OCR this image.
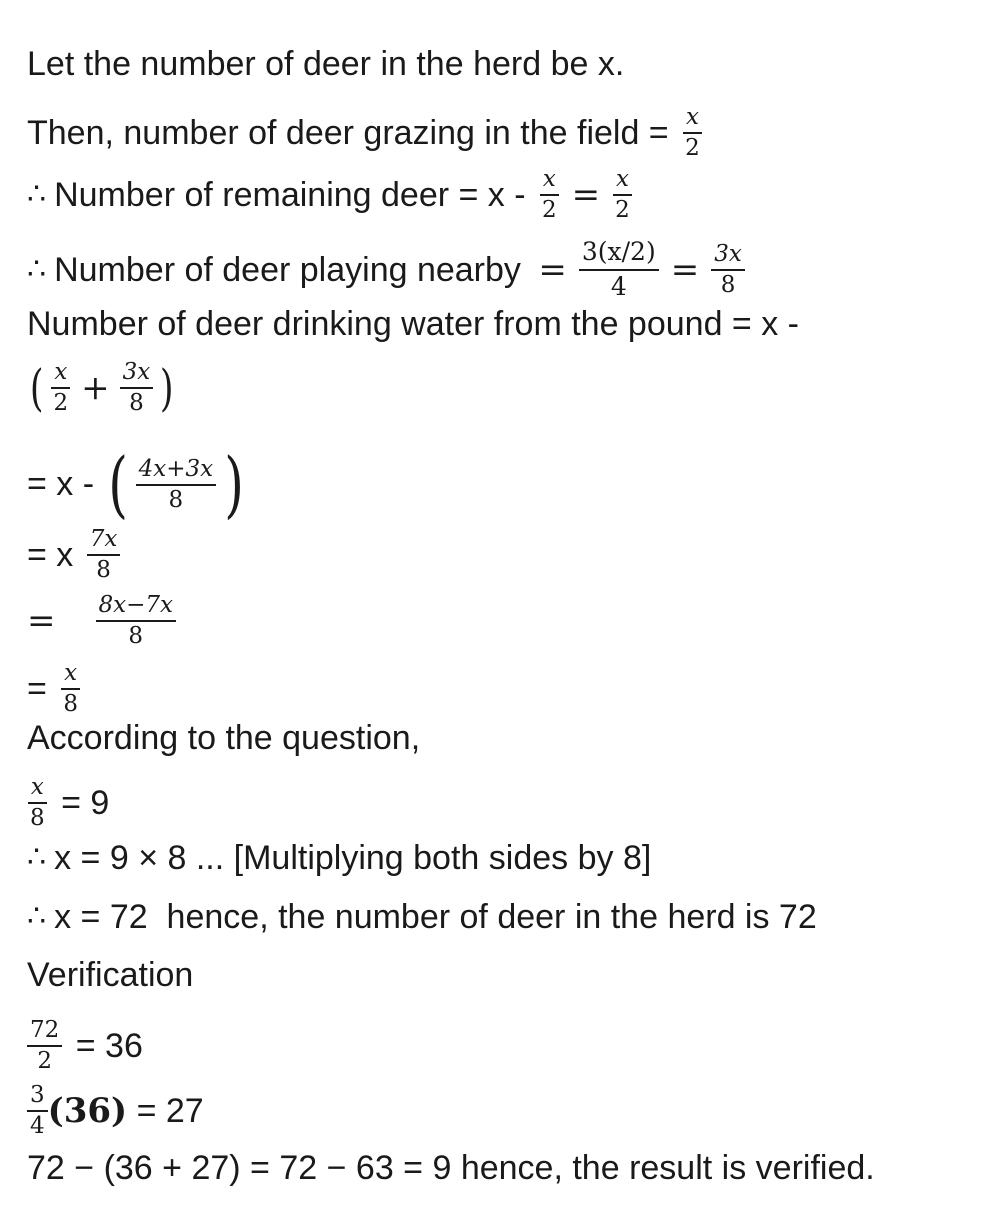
Let the number of deer in the herd be x.
Then, number of deer grazing in the field = $\frac{x}{2}$
∴ Number of remaining deer = $x - \frac{x}{2} = \frac{x}{2}$
∴ Number of deer playing nearby = $\frac{3(x/2)}{4} = \frac{3x}{8}$
Number of deer drinking water from the pound = x -
( $\frac{x}{2} + \frac{3x}{8}$ )
= x - ( $\frac{4x+3x}{8}$ )
= x $\frac{7x}{8}$
= $\frac{8x-7x}{8}$
= $\frac{x}{8}$
According to the question,
$\frac{x}{8} = 9$
∴ x = 9 × 8 ... [Multiplying both sides by 8]
∴ x = 72  hence, the number of deer in the herd is 72
Verification
$\frac{72}{2} = 36$
$\frac{3}{4} (36) = 27$
72 − (36 + 27) = 72 − 63 = 9 hence, the result is verified.
